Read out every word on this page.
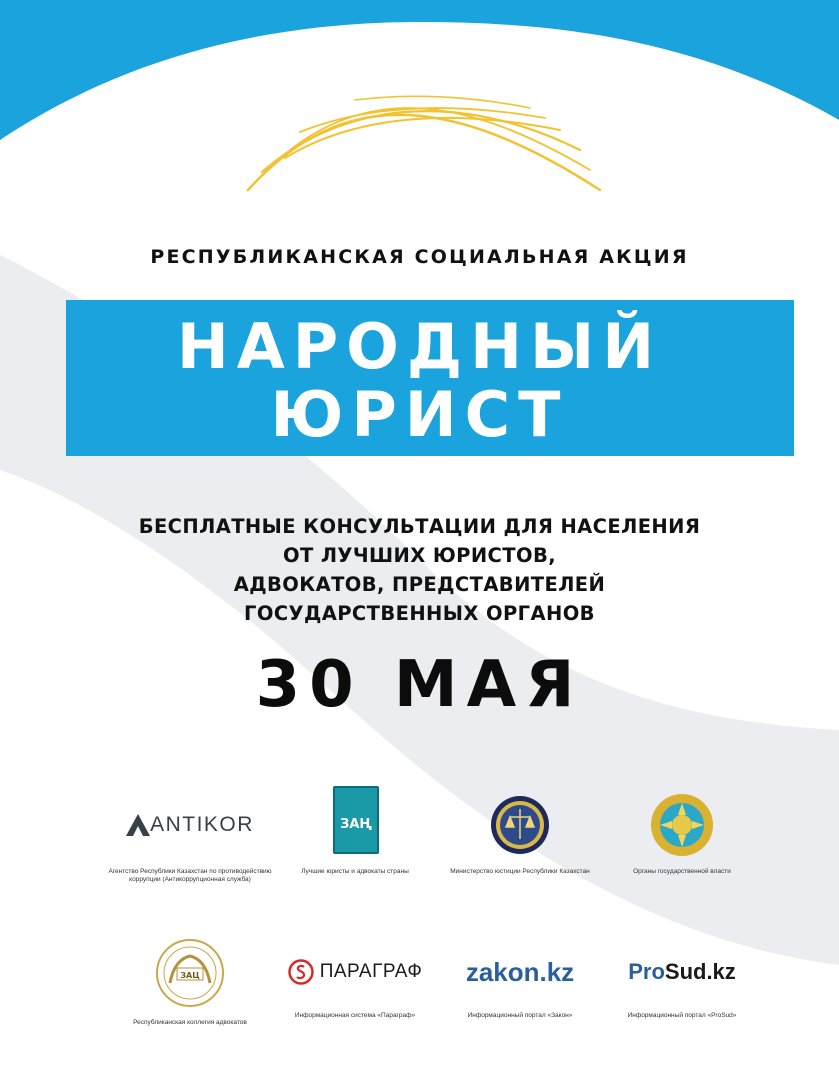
РЕСПУБЛИКАНСКАЯ СОЦИАЛЬНАЯ АКЦИЯ
НАРОДНЫЙ
ЮРИСТ
БЕСПЛАТНЫЕ КОНСУЛЬТАЦИИ ДЛЯ НАСЕЛЕНИЯ
ОТ ЛУЧШИХ ЮРИСТОВ,
АДВОКАТОВ, ПРЕДСТАВИТЕЛЕЙ
ГОСУДАРСТВЕННЫХ ОРГАНОВ
30 МАЯ
ANTIKOR
Агентство Республики Казахстан по противодействию коррупции (Антикоррупционная служба)
ЗАҢ
Лучшие юристы и адвокаты страны	Министерство юстиции Республики Казахстан	Органы государственной власти
ЗАЦ
Республиканская коллегия адвокатов
ПАРАГРАФ
Информационная система «Параграф»
zakon.kz
Информационный портал «Закон»
Pro Sud.kz
Информационный портал «ProSud»
